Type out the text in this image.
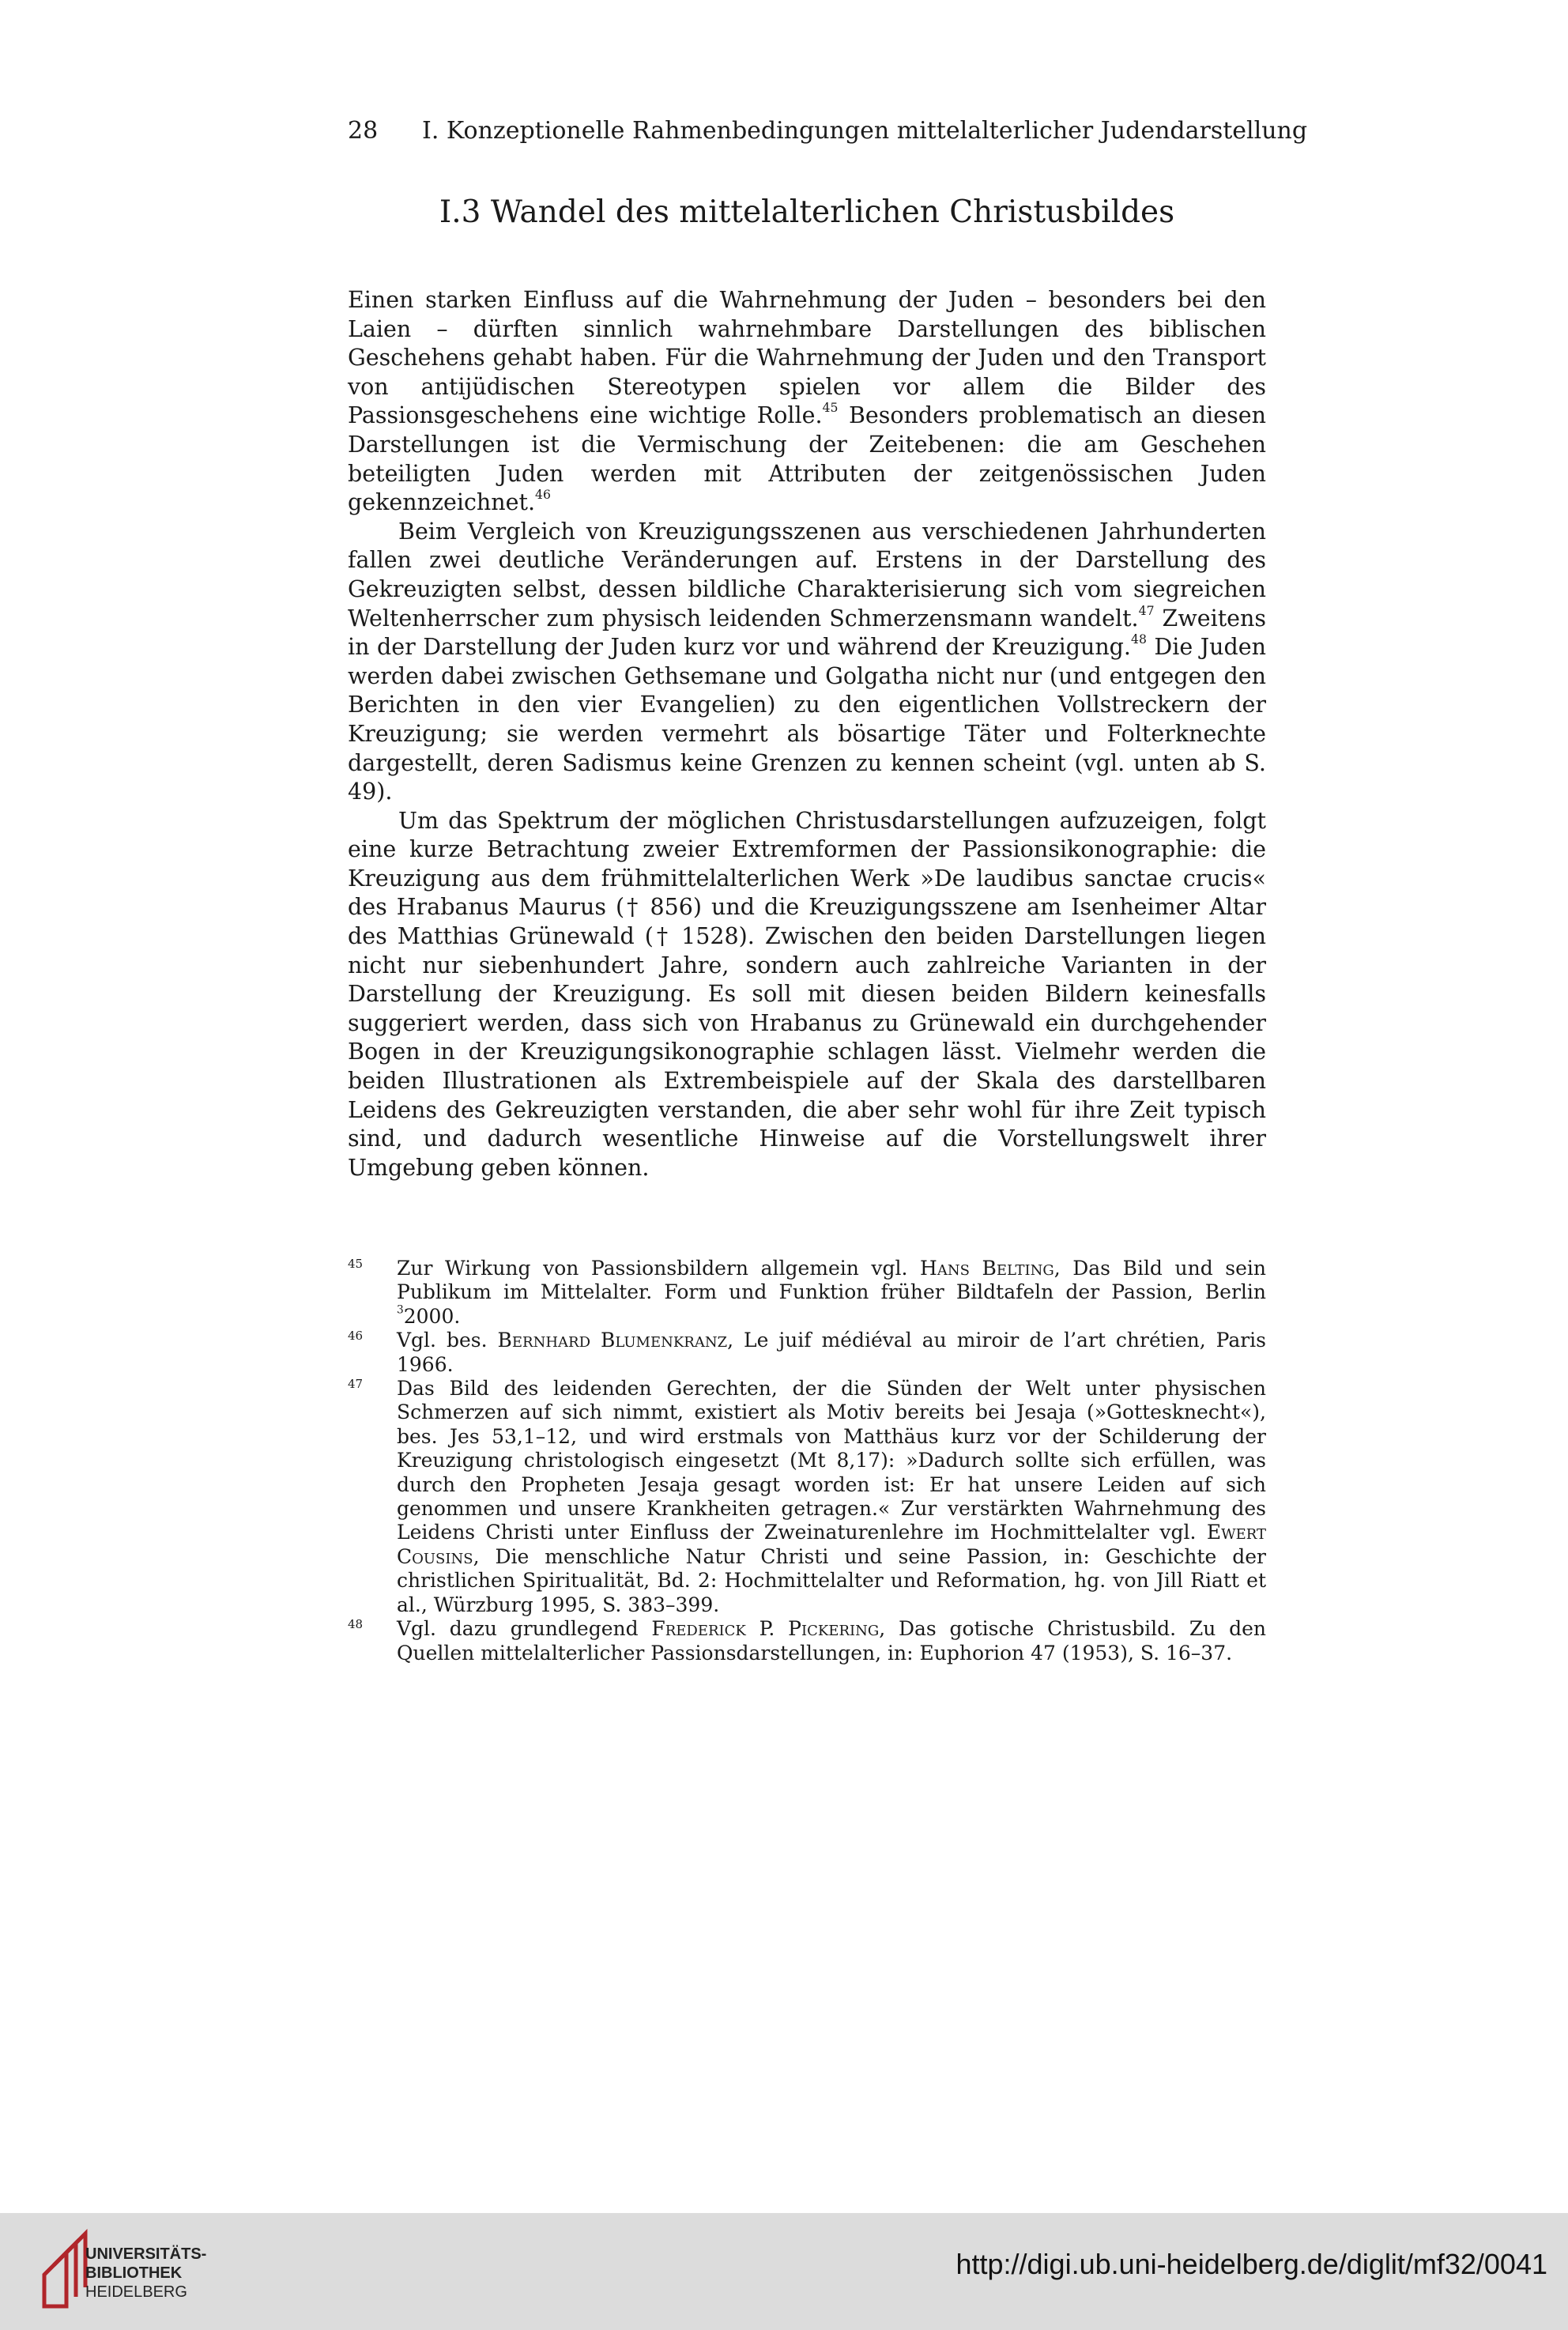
28 I. Konzeptionelle Rahmenbedingungen mittelalterlicher Judendarstellung
I.3 Wandel des mittelalterlichen Christusbildes

Einen starken Einfluss auf die Wahrnehmung der Juden – besonders bei den Laien – dürften sinnlich wahrnehmbare Darstellungen des biblischen Geschehens gehabt haben. Für die Wahrnehmung der Juden und den Transport von antijüdischen Stereotypen spielen vor allem die Bilder des Passionsgeschehens eine wichtige Rolle.$^{45}$ Besonders problematisch an diesen Darstellungen ist die Vermischung der Zeitebenen: die am Geschehen beteiligten Juden werden mit Attributen der zeitgenössischen Juden gekennzeichnet.$^{46}$

Beim Vergleich von Kreuzigungsszenen aus verschiedenen Jahrhunderten fallen zwei deutliche Veränderungen auf. Erstens in der Darstellung des Gekreuzigten selbst, dessen bildliche Charakterisierung sich vom siegreichen Weltenherrscher zum physisch leidenden Schmerzensmann wandelt.$^{47}$ Zweitens in der Darstellung der Juden kurz vor und während der Kreuzigung.$^{48}$ Die Juden werden dabei zwischen Gethsemane und Golgatha nicht nur (und entgegen den Berichten in den vier Evangelien) zu den eigentlichen Vollstreckern der Kreuzigung; sie werden vermehrt als bösartige Täter und Folterknechte dargestellt, deren Sadismus keine Grenzen zu kennen scheint (vgl. unten ab S. 49).

Um das Spektrum der möglichen Christusdarstellungen aufzuzeigen, folgt eine kurze Betrachtung zweier Extremformen der Passionsikonographie: die Kreuzigung aus dem frühmittelalterlichen Werk »De laudibus sanctae crucis« des Hrabanus Maurus († 856) und die Kreuzigungsszene am Isenheimer Altar des Matthias Grünewald († 1528). Zwischen den beiden Darstellungen liegen nicht nur siebenhundert Jahre, sondern auch zahlreiche Varianten in der Darstellung der Kreuzigung. Es soll mit diesen beiden Bildern keinesfalls suggeriert werden, dass sich von Hrabanus zu Grünewald ein durchgehender Bogen in der Kreuzigungsikonographie schlagen lässt. Vielmehr werden die beiden Illustrationen als Extrembeispiele auf der Skala des darstellbaren Leidens des Gekreuzigten verstanden, die aber sehr wohl für ihre Zeit typisch sind, und dadurch wesentliche Hinweise auf die Vorstellungswelt ihrer Umgebung geben können.

45 Zur Wirkung von Passionsbildern allgemein vgl. Hans Belting, Das Bild und sein Publikum im Mittelalter. Form und Funktion früher Bildtafeln der Passion, Berlin $^3$2000.
46 Vgl. bes. Bernhard Blumenkranz, Le juif médiéval au miroir de l’art chrétien, Paris 1966.
47 Das Bild des leidenden Gerechten, der die Sünden der Welt unter physischen Schmerzen auf sich nimmt, existiert als Motiv bereits bei Jesaja (»Gottesknecht«), bes. Jes 53,1–12, und wird erstmals von Matthäus kurz vor der Schilderung der Kreuzigung christologisch eingesetzt (Mt 8,17): »Dadurch sollte sich erfüllen, was durch den Propheten Jesaja gesagt worden ist: Er hat unsere Leiden auf sich genommen und unsere Krankheiten getragen.« Zur verstärkten Wahrnehmung des Leidens Christi unter Einfluss der Zweinaturenlehre im Hochmittelalter vgl. Ewert Cousins, Die menschliche Natur Christi und seine Passion, in: Geschichte der christlichen Spiritualität, Bd. 2: Hochmittelalter und Reformation, hg. von Jill Riatt et al., Würzburg 1995, S. 383–399.
48 Vgl. dazu grundlegend Frederick P. Pickering, Das gotische Christusbild. Zu den Quellen mittelalterlicher Passionsdarstellungen, in: Euphorion 47 (1953), S. 16–37.
UNIVERSITÄTS-
BIBLIOTHEK
HEIDELBERG
http://digi.ub.uni-heidelberg.de/diglit/mf32/0041
